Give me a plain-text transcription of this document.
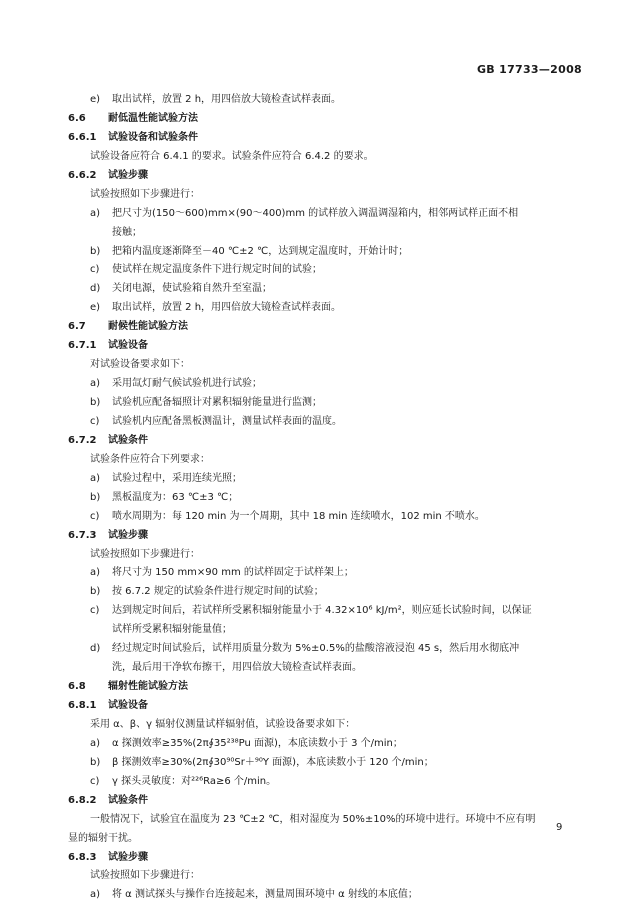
GB 17733—2008
e) 取出试样，放置 2 h，用四倍放大镜检查试样表面。
6.6 耐低温性能试验方法
6.6.1 试验设备和试验条件
试验设备应符合 6.4.1 的要求。试验条件应符合 6.4.2 的要求。
6.6.2 试验步骤
试验按照如下步骤进行：
a) 把尺寸为(150～600)mm×(90～400)mm 的试样放入调温调湿箱内，相邻两试样正面不相
接触；
b) 把箱内温度逐渐降至－40 ℃±2 ℃，达到规定温度时，开始计时；
c) 使试样在规定温度条件下进行规定时间的试验；
d) 关闭电源，使试验箱自然升至室温；
e) 取出试样，放置 2 h，用四倍放大镜检查试样表面。
6.7 耐候性能试验方法
6.7.1 试验设备
对试验设备要求如下：
a) 采用氙灯耐气候试验机进行试验；
b) 试验机应配备辐照计对累积辐射能量进行监测；
c) 试验机内应配备黑板测温计，测量试样表面的温度。
6.7.2 试验条件
试验条件应符合下列要求：
a) 试验过程中，采用连续光照；
b) 黑板温度为：63 ℃±3 ℃；
c) 喷水周期为：每 120 min 为一个周期，其中 18 min 连续喷水，102 min 不喷水。
6.7.3 试验步骤
试验按照如下步骤进行：
a) 将尺寸为 150 mm×90 mm 的试样固定于试样架上；
b) 按 6.7.2 规定的试验条件进行规定时间的试验；
c) 达到规定时间后，若试样所受累积辐射能量小于 4.32×10⁶ kJ/m²，则应延长试验时间，以保证
试样所受累积辐射能量值；
d) 经过规定时间试验后，试样用质量分数为 5%±0.5%的盐酸溶液浸泡 45 s，然后用水彻底冲
洗，最后用干净软布擦干，用四倍放大镜检查试样表面。
6.8 辐射性能试验方法
6.8.1 试验设备
采用 α、β、γ 辐射仪测量试样辐射值，试验设备要求如下：
a) α 探测效率≥35%(2π∮35²³⁸Pu 面源)，本底读数小于 3 个/min；
b) β 探测效率≥30%(2π∮30⁹⁰Sr＋⁹⁰Y 面源)，本底读数小于 120 个/min；
c) γ 探头灵敏度：对²²⁶Ra≥6 个/min。
6.8.2 试验条件
一般情况下，试验宜在温度为 23 ℃±2 ℃，相对湿度为 50%±10%的环境中进行。环境中不应有明
显的辐射干扰。
6.8.3 试验步骤
试验按照如下步骤进行：
a) 将 α 测试探头与操作台连接起来，测量周围环境中 α 射线的本底值；
9
